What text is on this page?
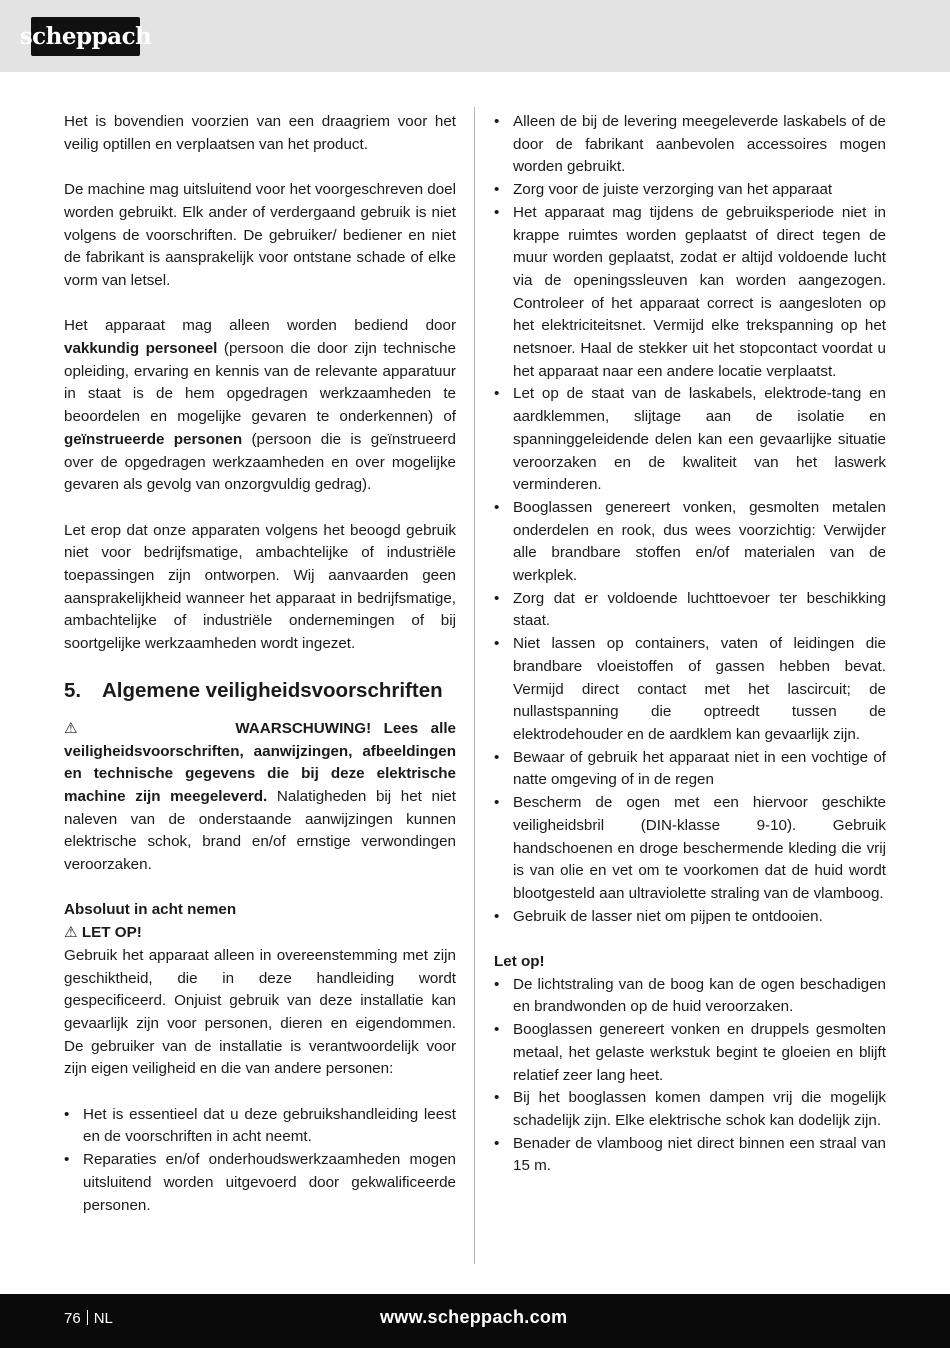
scheppach

Het is bovendien voorzien van een draagriem voor het veilig optillen en verplaatsen van het product.

De machine mag uitsluitend voor het voorgeschreven doel worden gebruikt. Elk ander of verdergaand gebruik is niet volgens de voorschriften. De gebruiker/ bediener en niet de fabrikant is aansprakelijk voor ontstane schade of elke vorm van letsel.

Het apparaat mag alleen worden bediend door vakkundig personeel (persoon die door zijn technische opleiding, ervaring en kennis van de relevante apparatuur in staat is de hem opgedragen werkzaamheden te beoordelen en mogelijke gevaren te onderkennen) of geïnstrueerde personen (persoon die is geïnstrueerd over de opgedragen werkzaamheden en over mogelijke gevaren als gevolg van onzorgvuldig gedrag).

Let erop dat onze apparaten volgens het beoogd gebruik niet voor bedrijfsmatige, ambachtelijke of industriële toepassingen zijn ontworpen. Wij aanvaarden geen aansprakelijkheid wanneer het apparaat in bedrijfsmatige, ambachtelijke of industriële ondernemingen of bij soortgelijke werkzaamheden wordt ingezet.

5.	Algemene veiligheidsvoorschriften

⚠	WAARSCHUWING! Lees alle veiligheidsvoorschriften, aanwijzingen, afbeeldingen en technische gegevens die bij deze elektrische machine zijn meegeleverd. Nalatigheden bij het niet naleven van de onderstaande aanwijzingen kunnen elektrische schok, brand en/of ernstige verwondingen veroorzaken.

Absoluut in acht nemen

⚠ LET OP!

Gebruik het apparaat alleen in overeenstemming met zijn geschiktheid, die in deze handleiding wordt gespecificeerd. Onjuist gebruik van deze installatie kan gevaarlijk zijn voor personen, dieren en eigendommen. De gebruiker van de installatie is verantwoordelijk voor zijn eigen veiligheid en die van andere personen:

• Het is essentieel dat u deze gebruikshandleiding leest en de voorschriften in acht neemt.
• Reparaties en/of onderhoudswerkzaamheden mogen uitsluitend worden uitgevoerd door gekwalificeerde personen.
• Alleen de bij de levering meegeleverde laskabels of de door de fabrikant aanbevolen accessoires mogen worden gebruikt.
• Zorg voor de juiste verzorging van het apparaat
• Het apparaat mag tijdens de gebruiksperiode niet in krappe ruimtes worden geplaatst of direct tegen de muur worden geplaatst, zodat er altijd voldoende lucht via de openingssleuven kan worden aangezogen. Controleer of het apparaat correct is aangesloten op het elektriciteitsnet. Vermijd elke trekspanning op het netsnoer. Haal de stekker uit het stopcontact voordat u het apparaat naar een andere locatie verplaatst.
• Let op de staat van de laskabels, elektrode-tang en aardklemmen, slijtage aan de isolatie en spanninggeleidende delen kan een gevaarlijke situatie veroorzaken en de kwaliteit van het laswerk verminderen.
• Booglassen genereert vonken, gesmolten metalen onderdelen en rook, dus wees voorzichtig: Verwijder alle brandbare stoffen en/of materialen van de werkplek.
• Zorg dat er voldoende luchttoevoer ter beschikking staat.
• Niet lassen op containers, vaten of leidingen die brandbare vloeistoffen of gassen hebben bevat. Vermijd direct contact met het lascircuit; de nullastspanning die optreedt tussen de elektrodehouder en de aardklem kan gevaarlijk zijn.
• Bewaar of gebruik het apparaat niet in een vochtige of natte omgeving of in de regen
• Bescherm de ogen met een hiervoor geschikte veiligheidsbril (DIN-klasse 9-10). Gebruik handschoenen en droge beschermende kleding die vrij is van olie en vet om te voorkomen dat de huid wordt blootgesteld aan ultraviolette straling van de vlamboog.
• Gebruik de lasser niet om pijpen te ontdooien.

Let op!

• De lichtstraling van de boog kan de ogen beschadigen en brandwonden op de huid veroorzaken.
• Booglassen genereert vonken en druppels gesmolten metaal, het gelaste werkstuk begint te gloeien en blijft relatief zeer lang heet.
• Bij het booglassen komen dampen vrij die mogelijk schadelijk zijn. Elke elektrische schok kan dodelijk zijn.
• Benader de vlamboog niet direct binnen een straal van 15 m.
76 NL	www.scheppach.com
